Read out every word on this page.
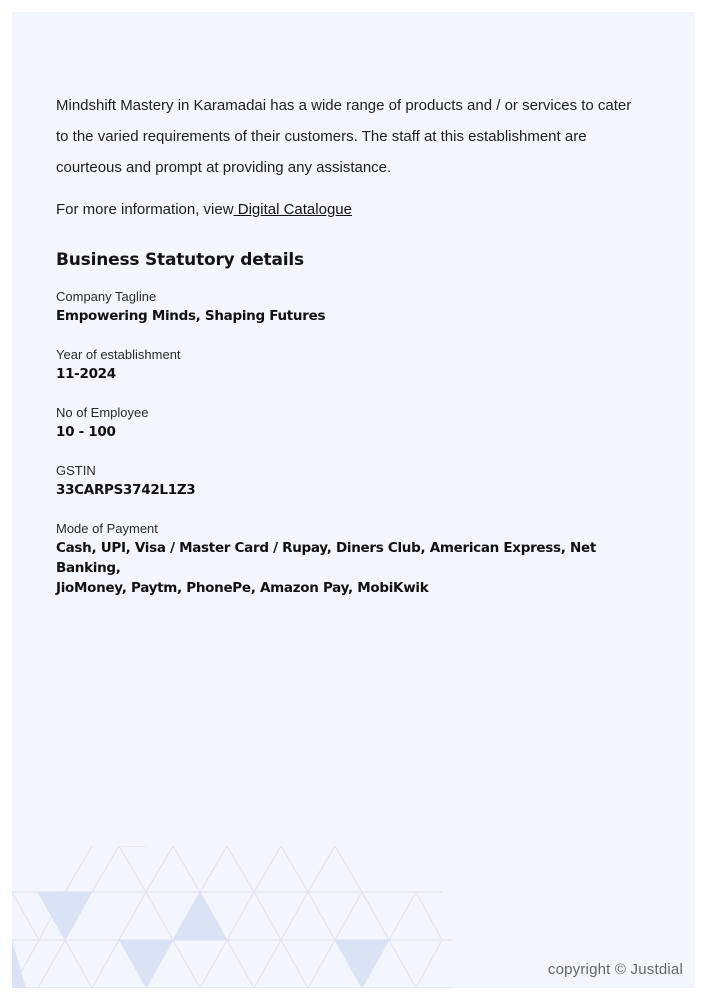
Mindshift Mastery in Karamadai has a wide range of products and / or services to cater
to the varied requirements of their customers. The staff at this establishment are
courteous and prompt at providing any assistance.

For more information, view Digital Catalogue

Business Statutory details
Company Tagline
Empowering Minds, Shaping Futures
Year of establishment
11-2024
No of Employee
10 - 100
GSTIN
33CARPS3742L1Z3
Mode of Payment
Cash, UPI, Visa / Master Card / Rupay, Diners Club, American Express, Net Banking,
JioMoney, Paytm, PhonePe, Amazon Pay, MobiKwik
copyright © Justdial
